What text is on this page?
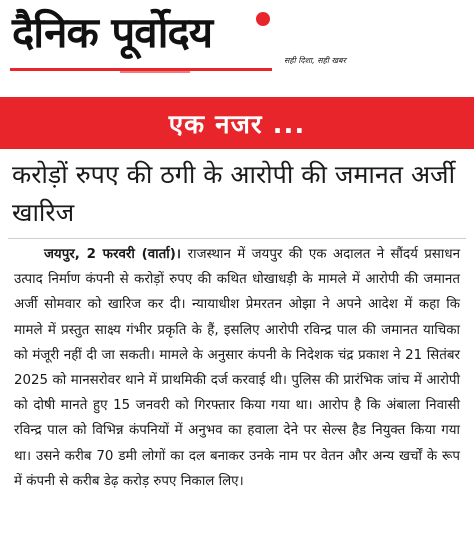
दैनिक पूर्वोदय
सही दिशा, सही खबर
एक नजर ...
करोड़ों रुपए की ठगी के आरोपी की जमानत अर्जी खारिज
जयपुर, 2 फरवरी (वार्ता)। राजस्थान में जयपुर की एक अदालत ने सौंदर्य प्रसाधन उत्पाद निर्माण कंपनी से करोड़ों रुपए की कथित धोखाधड़ी के मामले में आरोपी की जमानत अर्जी सोमवार को खारिज कर दी। न्यायाधीश प्रेमरतन ओझा ने अपने आदेश में कहा कि मामले में प्रस्तुत साक्ष्य गंभीर प्रकृति के हैं, इसलिए आरोपी रविन्द्र पाल की जमानत याचिका को मंजूरी नहीं दी जा सकती। मामले के अनुसार कंपनी के निदेशक चंद्र प्रकाश ने 21 सितंबर 2025 को मानसरोवर थाने में प्राथमिकी दर्ज करवाई थी। पुलिस की प्रारंभिक जांच में आरोपी को दोषी मानते हुए 15 जनवरी को गिरफ्तार किया गया था। आरोप है कि अंबाला निवासी रविन्द्र पाल को विभिन्न कंपनियों में अनुभव का हवाला देने पर सेल्स हैड नियुक्त किया गया था। उसने करीब 70 डमी लोगों का दल बनाकर उनके नाम पर वेतन और अन्य खर्चों के रूप में कंपनी से करीब डेढ़ करोड़ रुपए निकाल लिए।
